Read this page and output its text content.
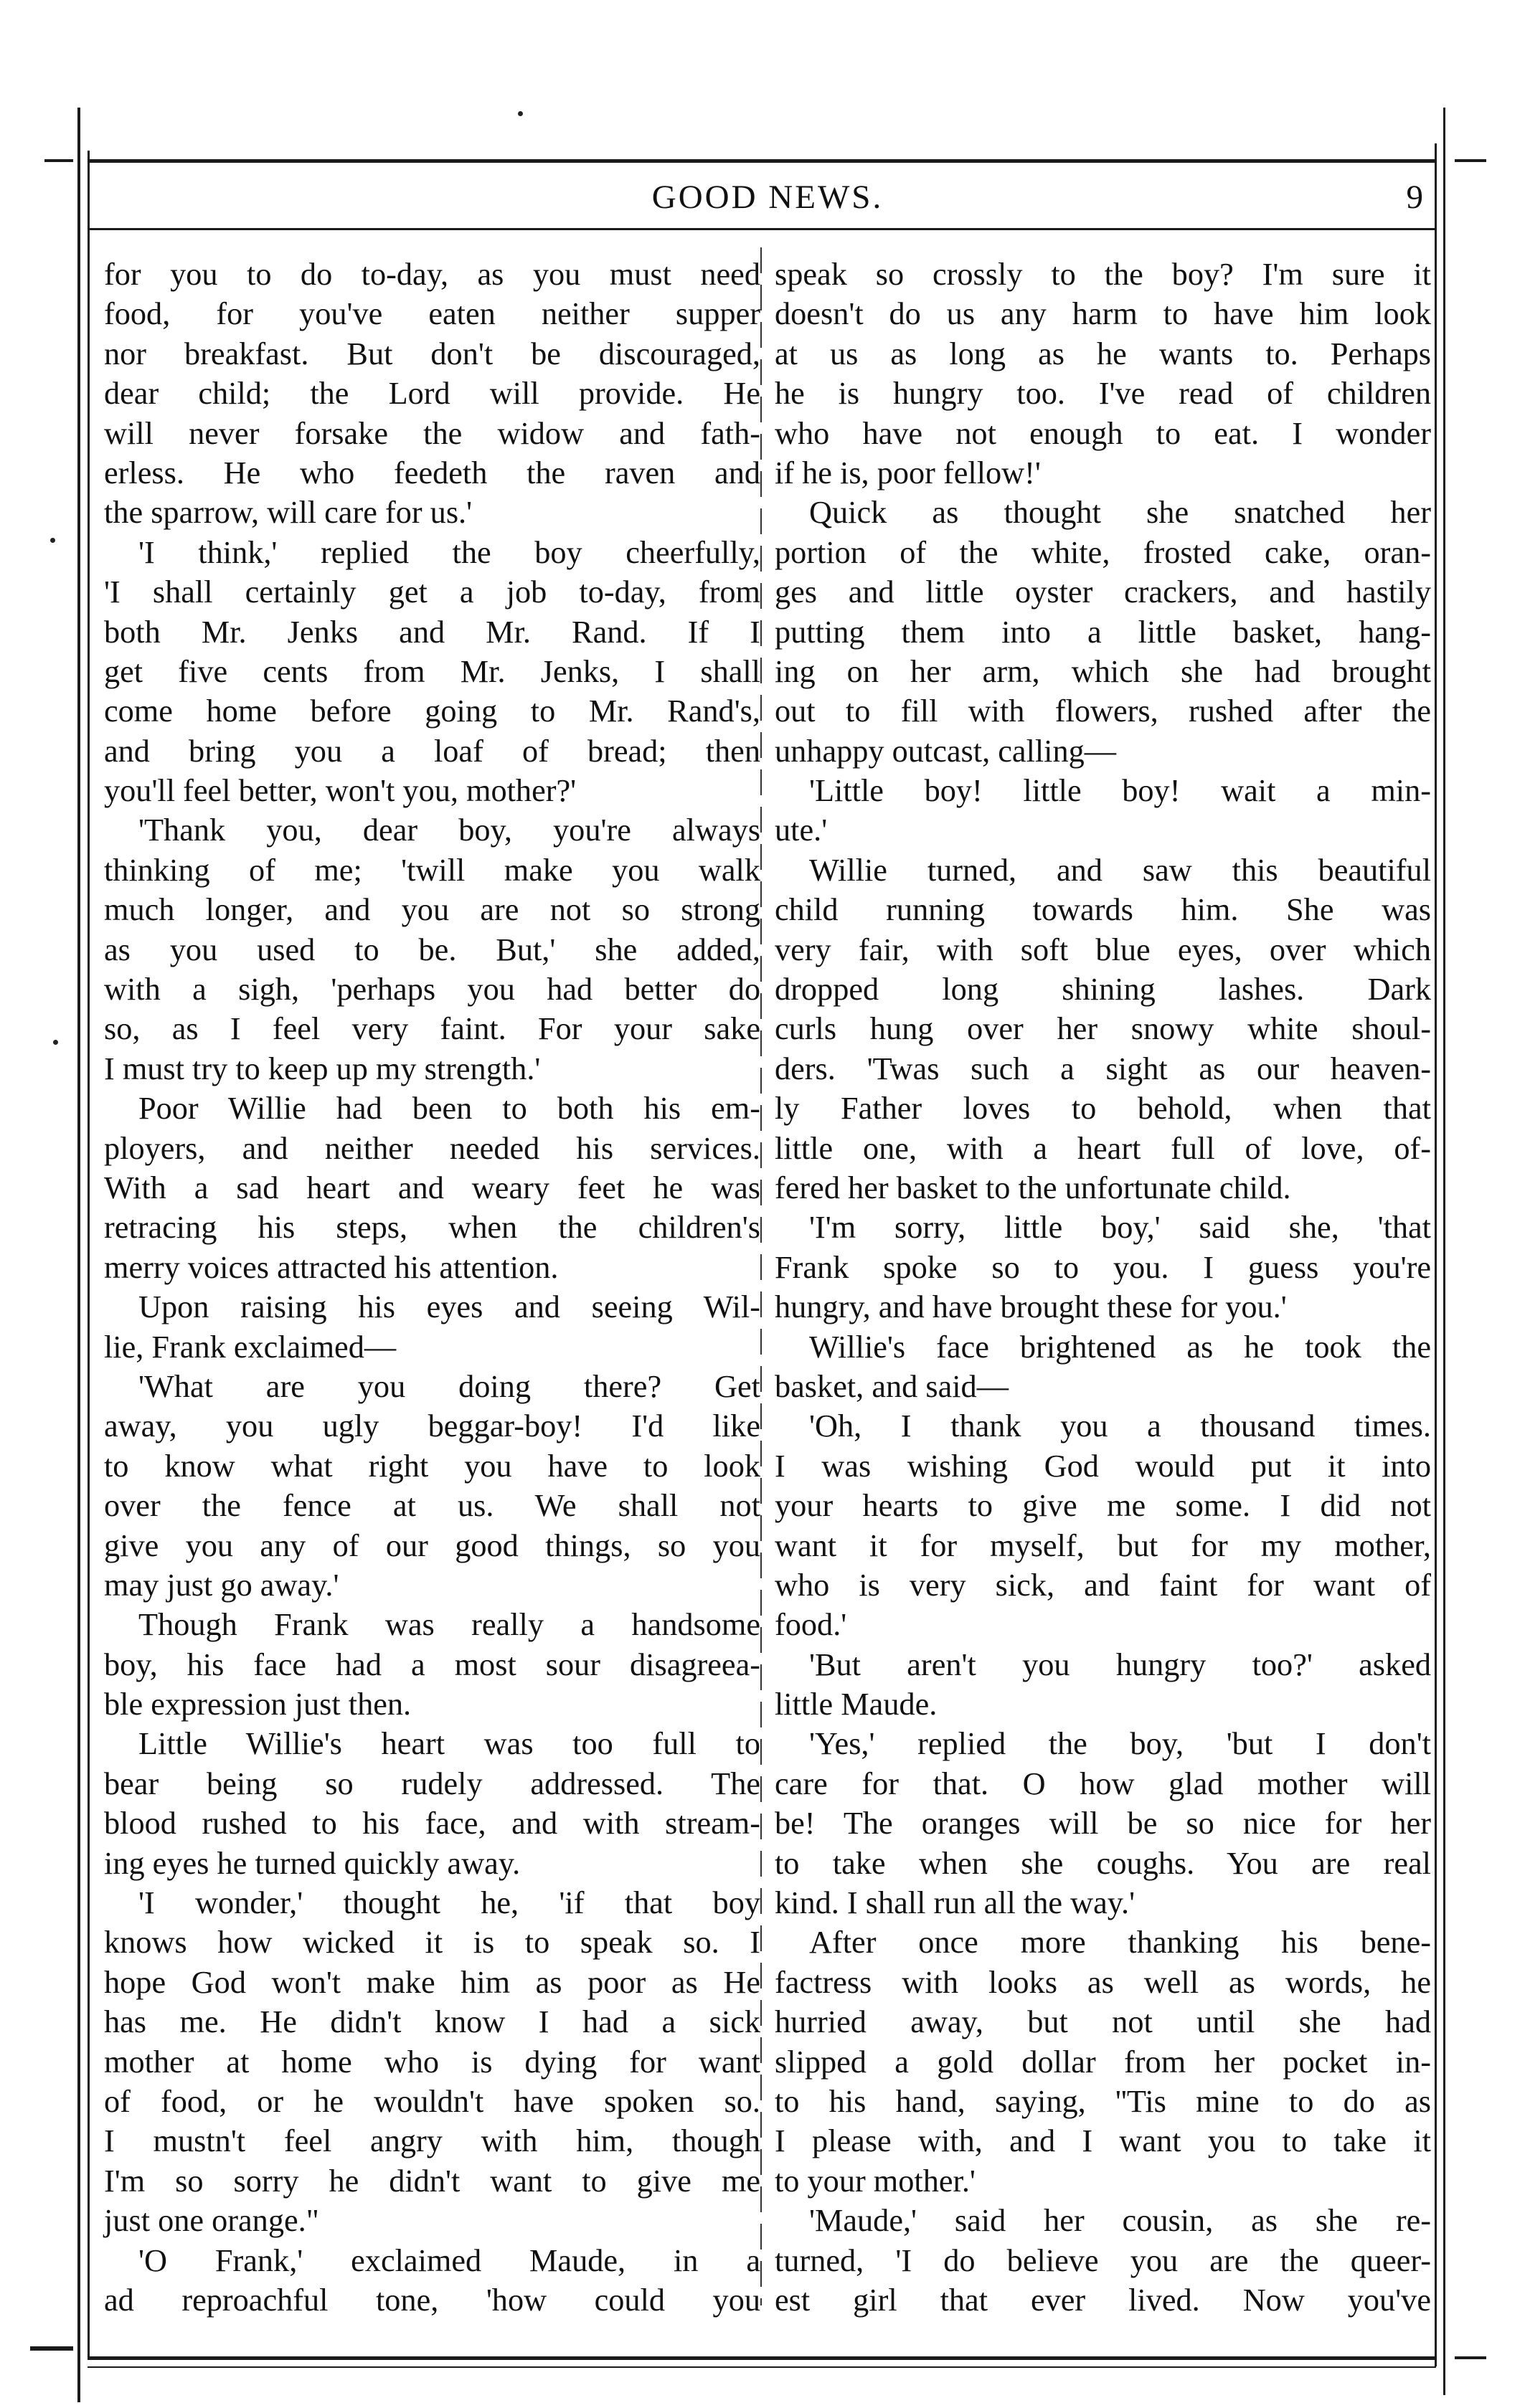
GOOD NEWS.	9
for you to do to-day, as you must need
food, for you've eaten neither supper
nor breakfast. But don't be discouraged,
dear child; the Lord will provide. He
will never forsake the widow and fath-
erless. He who feedeth the raven and
the sparrow, will care for us.'
'I think,' replied the boy cheerfully,
'I shall certainly get a job to-day, from
both Mr. Jenks and Mr. Rand. If I
get five cents from Mr. Jenks, I shall
come home before going to Mr. Rand's,
and bring you a loaf of bread; then
you'll feel better, won't you, mother?'
'Thank you, dear boy, you're always
thinking of me; 'twill make you walk
much longer, and you are not so strong
as you used to be. But,' she added,
with a sigh, 'perhaps you had better do
so, as I feel very faint. For your sake
I must try to keep up my strength.'
Poor Willie had been to both his em-
ployers, and neither needed his services.
With a sad heart and weary feet he was
retracing his steps, when the children's
merry voices attracted his attention.
Upon raising his eyes and seeing Wil-
lie, Frank exclaimed—
'What are you doing there? Get
away, you ugly beggar-boy! I'd like
to know what right you have to look
over the fence at us. We shall not
give you any of our good things, so you
may just go away.'
Though Frank was really a handsome
boy, his face had a most sour disagreea-
ble expression just then.
Little Willie's heart was too full to
bear being so rudely addressed. The
blood rushed to his face, and with stream-
ing eyes he turned quickly away.
'I wonder,' thought he, 'if that boy
knows how wicked it is to speak so. I
hope God won't make him as poor as He
has me. He didn't know I had a sick
mother at home who is dying for want
of food, or he wouldn't have spoken so.
I mustn't feel angry with him, though
I'm so sorry he didn't want to give me
just one orange."
'O Frank,' exclaimed Maude, in a
ad reproachful tone, 'how could you
speak so crossly to the boy? I'm sure it
doesn't do us any harm to have him look
at us as long as he wants to. Perhaps
he is hungry too. I've read of children
who have not enough to eat. I wonder
if he is, poor fellow!'
Quick as thought she snatched her
portion of the white, frosted cake, oran-
ges and little oyster crackers, and hastily
putting them into a little basket, hang-
ing on her arm, which she had brought
out to fill with flowers, rushed after the
unhappy outcast, calling—
'Little boy! little boy! wait a min-
ute.'
Willie turned, and saw this beautiful
child running towards him. She was
very fair, with soft blue eyes, over which
dropped long shining lashes. Dark
curls hung over her snowy white shoul-
ders. 'Twas such a sight as our heaven-
ly Father loves to behold, when that
little one, with a heart full of love, of-
fered her basket to the unfortunate child.
'I'm sorry, little boy,' said she, 'that
Frank spoke so to you. I guess you're
hungry, and have brought these for you.'
Willie's face brightened as he took the
basket, and said—
'Oh, I thank you a thousand times.
I was wishing God would put it into
your hearts to give me some. I did not
want it for myself, but for my mother,
who is very sick, and faint for want of
food.'
'But aren't you hungry too?' asked
little Maude.
'Yes,' replied the boy, 'but I don't
care for that. O how glad mother will
be! The oranges will be so nice for her
to take when she coughs. You are real
kind. I shall run all the way.'
After once more thanking his bene-
factress with looks as well as words, he
hurried away, but not until she had
slipped a gold dollar from her pocket in-
to his hand, saying, ''Tis mine to do as
I please with, and I want you to take it
to your mother.'
'Maude,' said her cousin, as she re-
turned, 'I do believe you are the queer-
est girl that ever lived. Now you've
